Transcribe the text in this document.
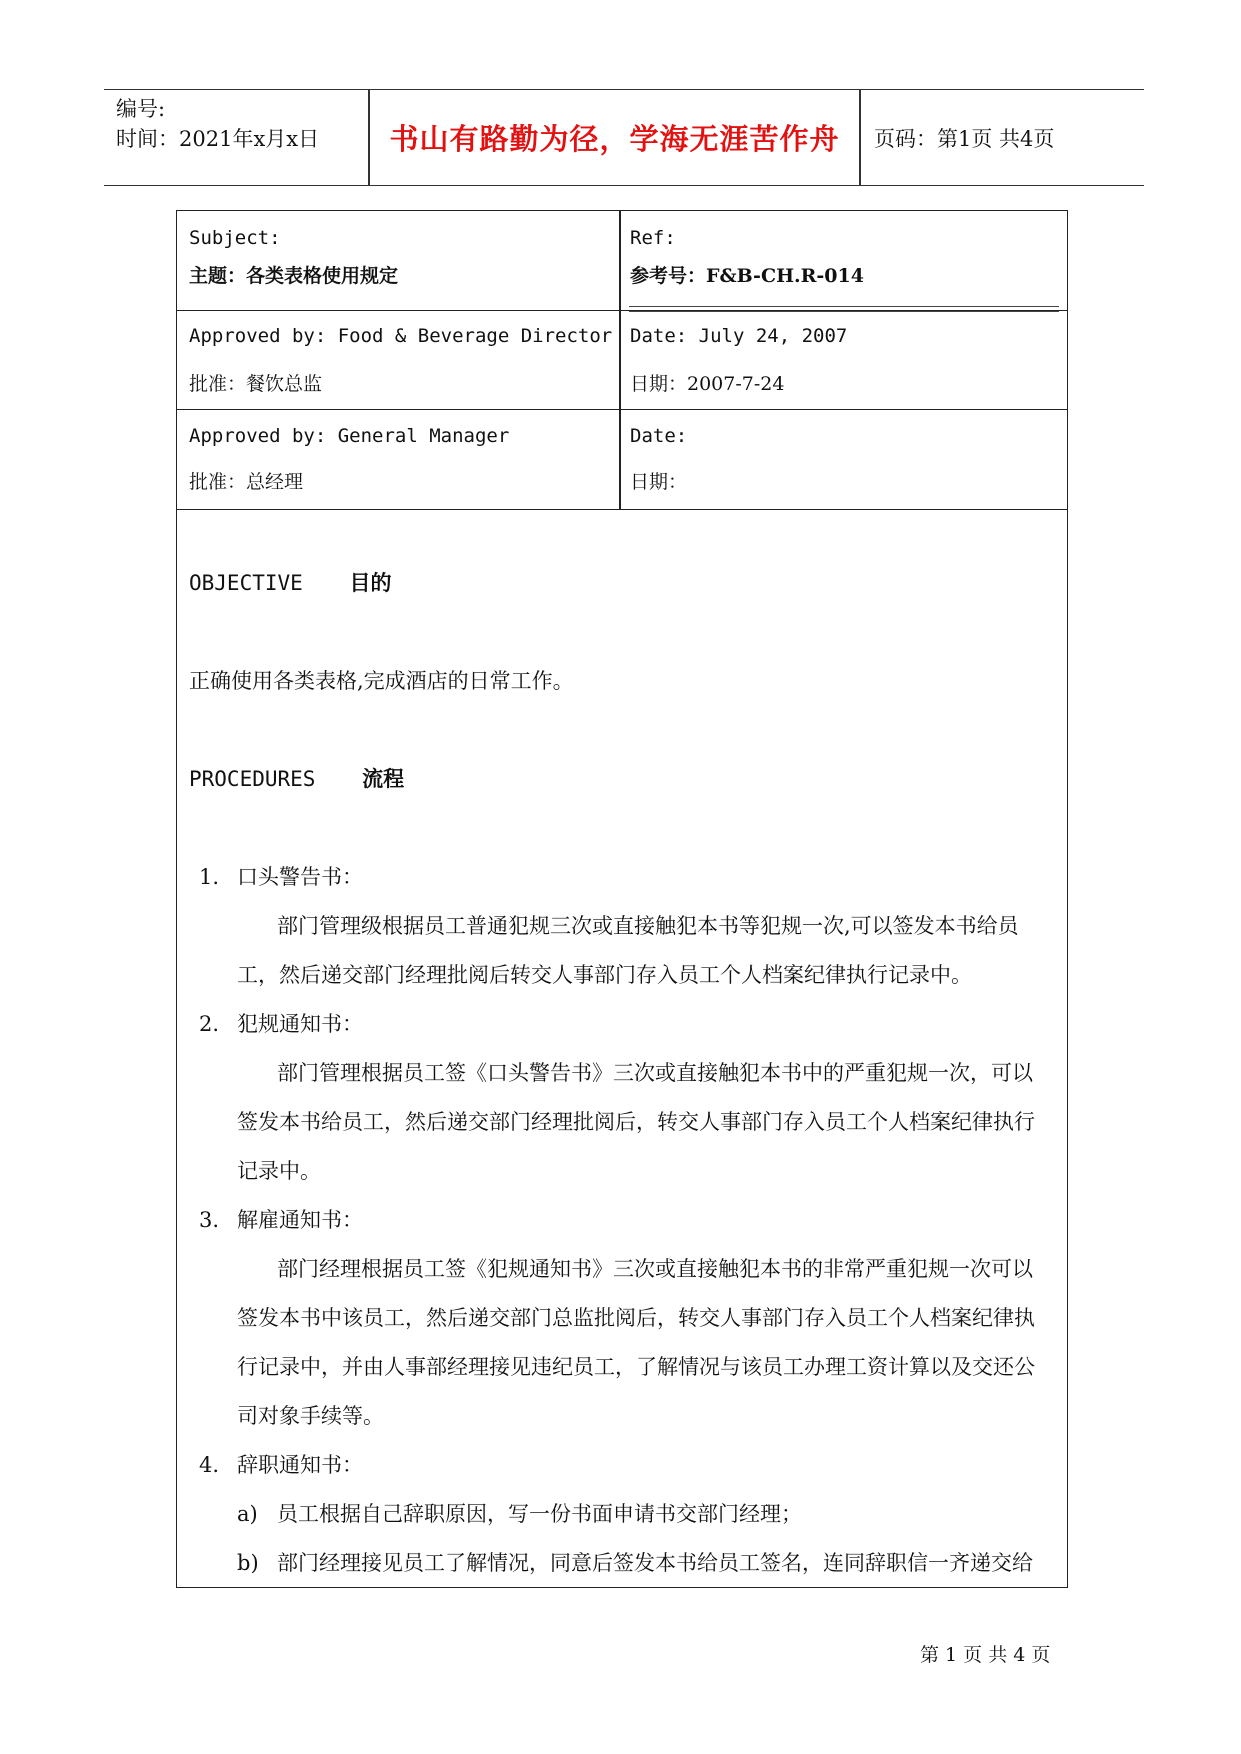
编号:
时间：2021年x月x日	书山有路勤为径，学海无涯苦作舟	页码：第1页 共4页
Subject:
主题：各类表格使用规定
Ref:
参考号：F&B-CH.R-014
Approved by: Food & Beverage Director
批准：餐饮总监
Date: July 24, 2007
日期：2007-7-24
Approved by: General Manager
批准：总经理
Date:
日期：
OBJECTIVE 目的
正确使用各类表格,完成酒店的日常工作。
PROCEDURES 流程
1. 口头警告书：
部门管理级根据员工普通犯规三次或直接触犯本书等犯规一次,可以签发本书给员
工，然后递交部门经理批阅后转交人事部门存入员工个人档案纪律执行记录中。
2. 犯规通知书：
部门管理根据员工签《口头警告书》三次或直接触犯本书中的严重犯规一次，可以
签发本书给员工，然后递交部门经理批阅后，转交人事部门存入员工个人档案纪律执行
记录中。
3. 解雇通知书：
部门经理根据员工签《犯规通知书》三次或直接触犯本书的非常严重犯规一次可以
签发本书中该员工，然后递交部门总监批阅后，转交人事部门存入员工个人档案纪律执
行记录中，并由人事部经理接见违纪员工，了解情况与该员工办理工资计算以及交还公
司对象手续等。
4. 辞职通知书：
a) 员工根据自己辞职原因，写一份书面申请书交部门经理；
b) 部门经理接见员工了解情况，同意后签发本书给员工签名，连同辞职信一齐递交给
第 1 页 共 4 页
